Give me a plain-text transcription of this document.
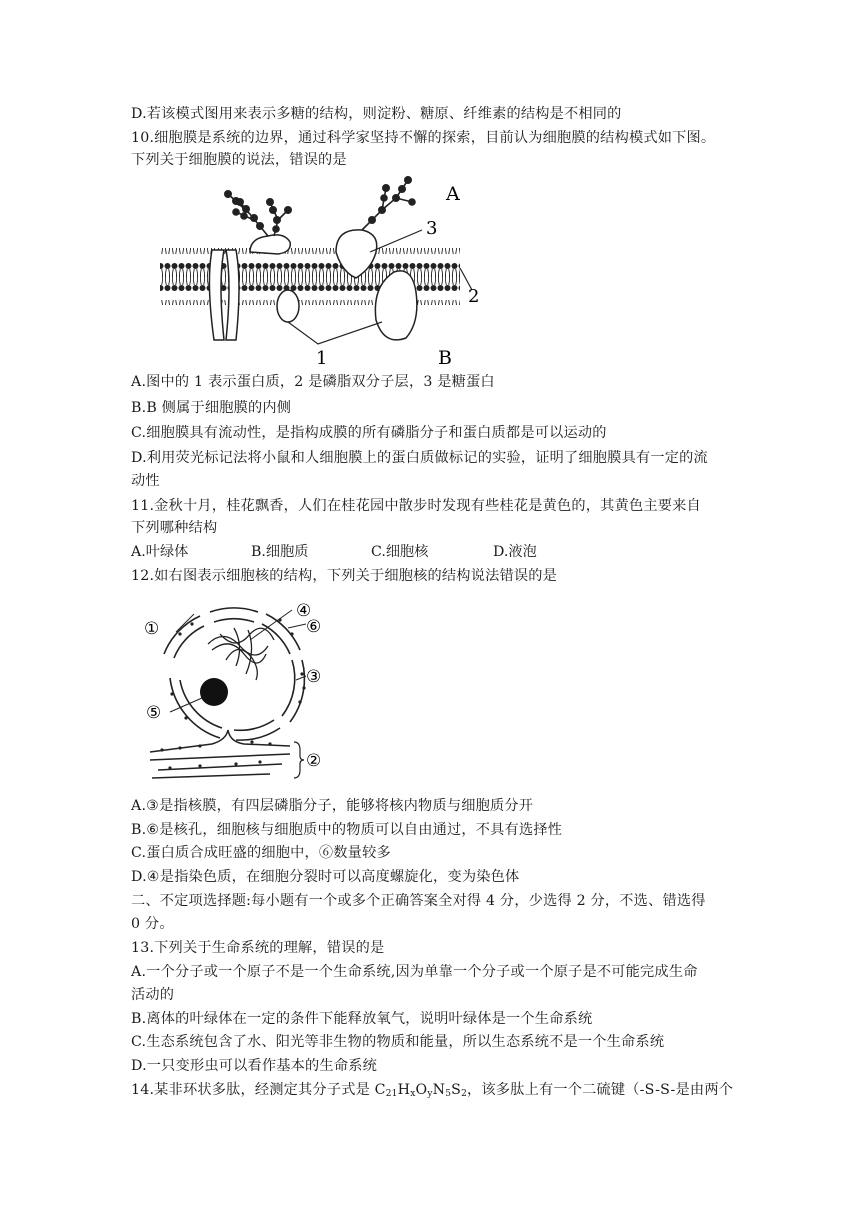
D.若该模式图用来表示多糖的结构，则淀粉、糖原、纤维素的结构是不相同的
10.细胞膜是系统的边界，通过科学家坚持不懈的探索，目前认为细胞膜的结构模式如下图。
下列关于细胞膜的说法，错误的是
A
3
2
1	B
A.图中的 1 表示蛋白质，2 是磷脂双分子层，3 是糖蛋白
B.B 侧属于细胞膜的内侧
C.细胞膜具有流动性，是指构成膜的所有磷脂分子和蛋白质都是可以运动的
D.利用荧光标记法将小鼠和人细胞膜上的蛋白质做标记的实验，证明了细胞膜具有一定的流
动性
11.金秋十月，桂花飘香，人们在桂花园中散步时发现有些桂花是黄色的，其黄色主要来自
下列哪种结构
A.叶绿体	B.细胞质	C.细胞核	D.液泡
12.如右图表示细胞核的结构，下列关于细胞核的结构说法错误的是
①
④
⑥
③
⑤
②
A.③是指核膜，有四层磷脂分子，能够将核内物质与细胞质分开
B.⑥是核孔，细胞核与细胞质中的物质可以自由通过，不具有选择性
C.蛋白质合成旺盛的细胞中，⑥数量较多
D.④是指染色质，在细胞分裂时可以高度螺旋化，变为染色体
二、不定项选择题:每小题有一个或多个正确答案全对得 4 分，少选得 2 分，不选、错选得
0 分。
13.下列关于生命系统的理解，错误的是
A.一个分子或一个原子不是一个生命系统,因为单靠一个分子或一个原子是不可能完成生命
活动的
B.离体的叶绿体在一定的条件下能释放氧气，说明叶绿体是一个生命系统
C.生态系统包含了水、阳光等非生物的物质和能量，所以生态系统不是一个生命系统
D.一只变形虫可以看作基本的生命系统
14.某非环状多肽，经测定其分子式是 $C_{21}H_xO_yN_5S_2$，该多肽上有一个二硫键（-S-S-是由两个
